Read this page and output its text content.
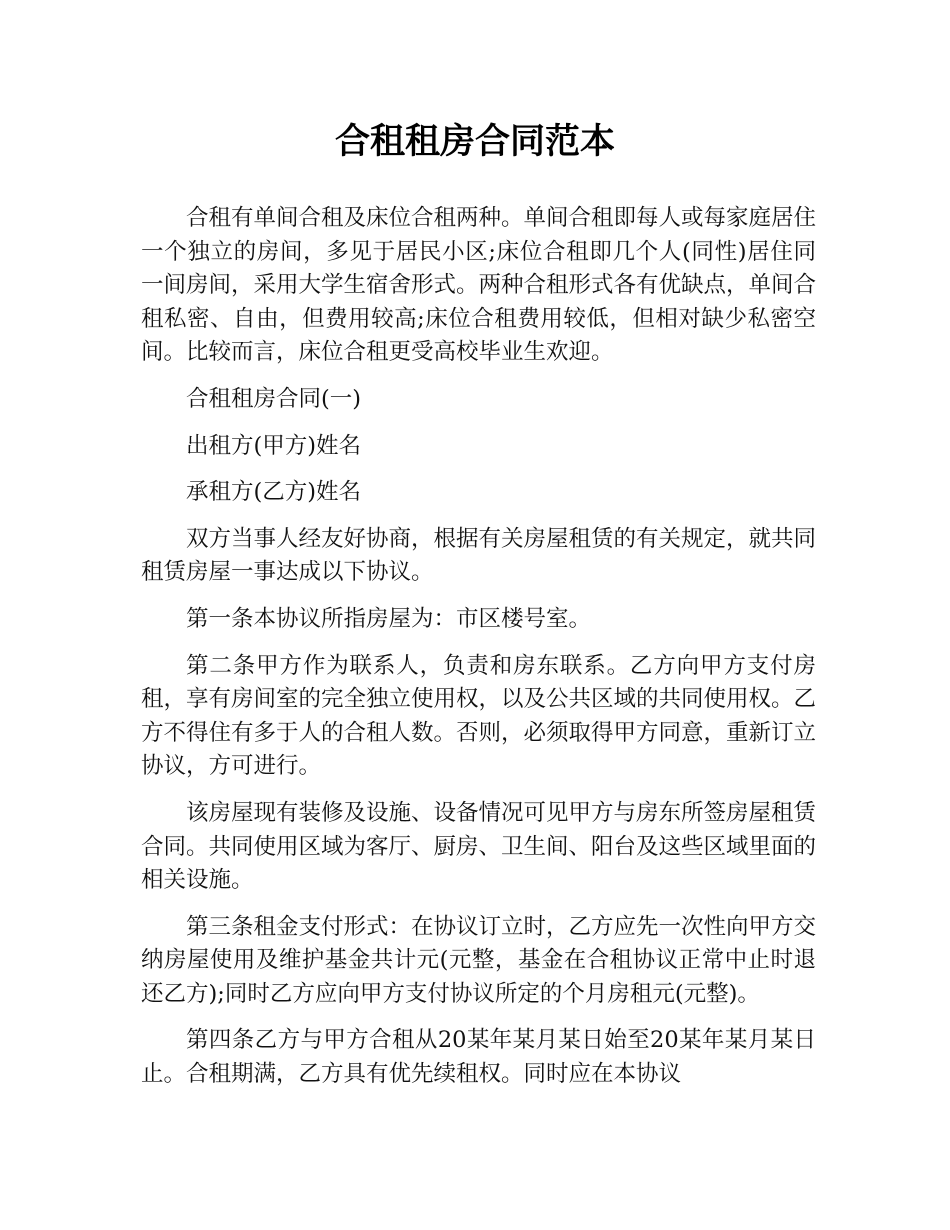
合租租房合同范本

合租有单间合租及床位合租两种。单间合租即每人或每家庭居住一个独立的房间，多见于居民小区;床位合租即几个人(同性)居住同一间房间，采用大学生宿舍形式。两种合租形式各有优缺点，单间合租私密、自由，但费用较高;床位合租费用较低，但相对缺少私密空间。比较而言，床位合租更受高校毕业生欢迎。

合租租房合同(一)

出租方(甲方)姓名

承租方(乙方)姓名

双方当事人经友好协商，根据有关房屋租赁的有关规定，就共同租赁房屋一事达成以下协议。

第一条本协议所指房屋为：市区楼号室。

第二条甲方作为联系人，负责和房东联系。乙方向甲方支付房租，享有房间室的完全独立使用权，以及公共区域的共同使用权。乙方不得住有多于人的合租人数。否则，必须取得甲方同意，重新订立协议，方可进行。

该房屋现有装修及设施、设备情况可见甲方与房东所签房屋租赁合同。共同使用区域为客厅、厨房、卫生间、阳台及这些区域里面的相关设施。

第三条租金支付形式：在协议订立时，乙方应先一次性向甲方交纳房屋使用及维护基金共计元(元整，基金在合租协议正常中止时退还乙方);同时乙方应向甲方支付协议所定的个月房租元(元整)。

第四条乙方与甲方合租从20某年某月某日始至20某年某月某日止。合租期满，乙方具有优先续租权。同时应在本协议
